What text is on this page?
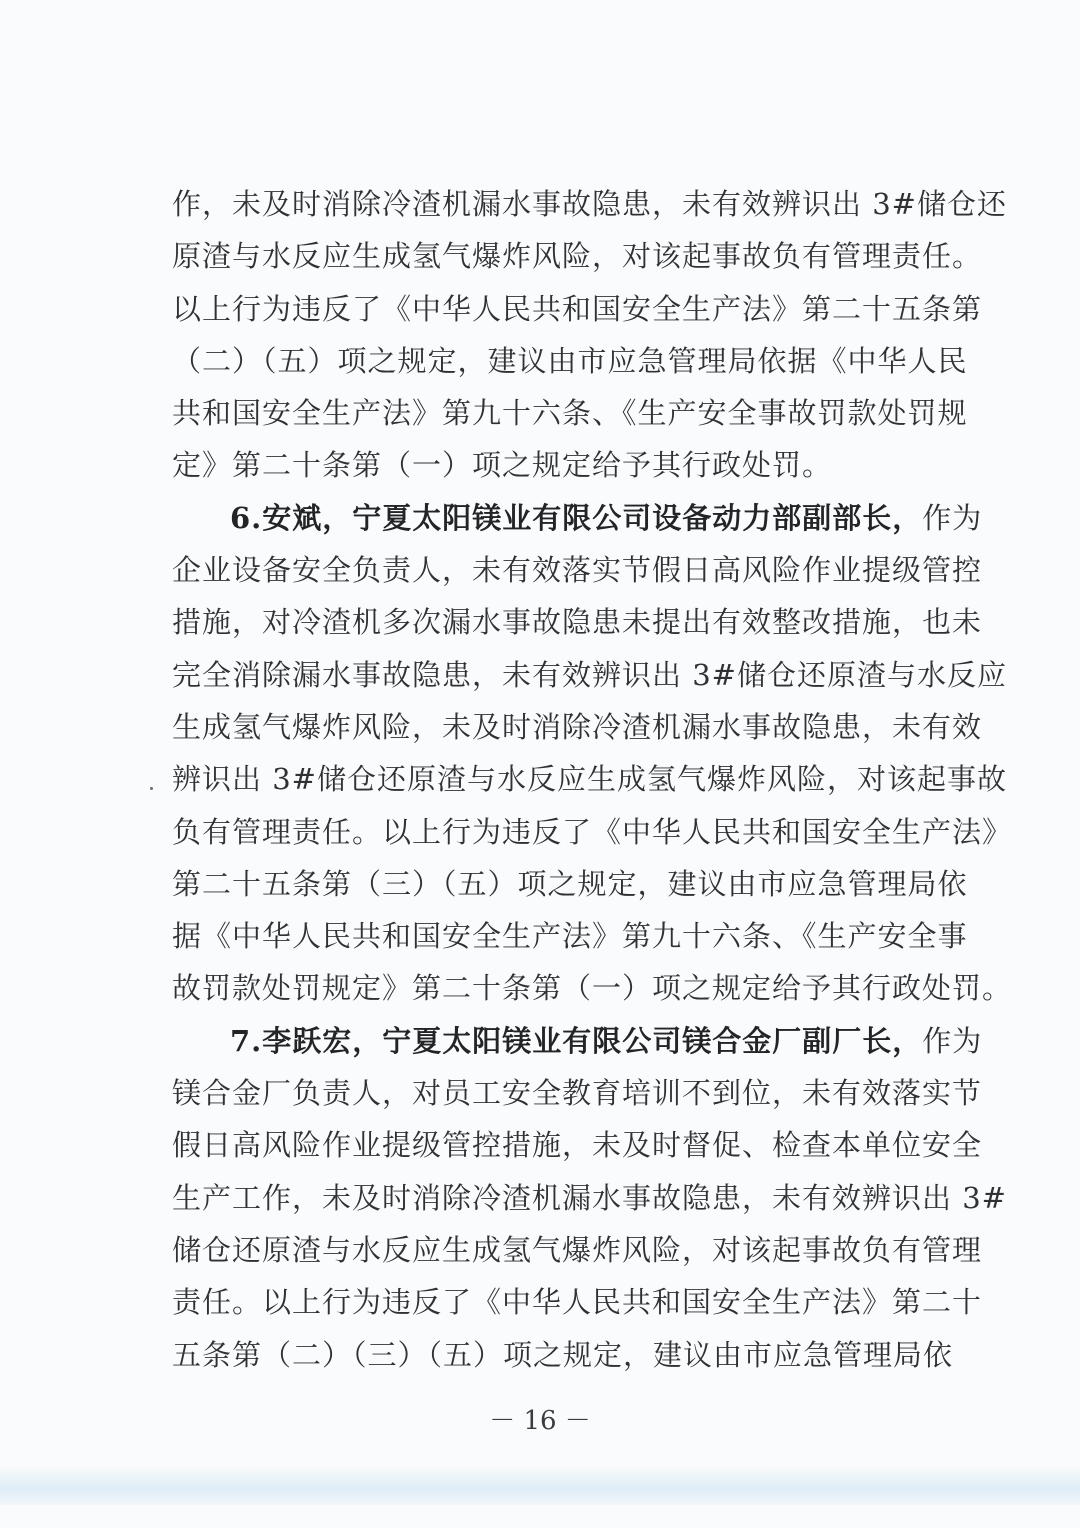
作，未及时消除冷渣机漏水事故隐患，未有效辨识出 3#储仓还
原渣与水反应生成氢气爆炸风险，对该起事故负有管理责任。
以上行为违反了《中华人民共和国安全生产法》第二十五条第
（二）（五）项之规定，建议由市应急管理局依据《中华人民
共和国安全生产法》第九十六条、《生产安全事故罚款处罚规
定》第二十条第（一）项之规定给予其行政处罚。
6.安斌，宁夏太阳镁业有限公司设备动力部副部长，作为
企业设备安全负责人，未有效落实节假日高风险作业提级管控
措施，对冷渣机多次漏水事故隐患未提出有效整改措施，也未
完全消除漏水事故隐患，未有效辨识出 3#储仓还原渣与水反应
生成氢气爆炸风险，未及时消除冷渣机漏水事故隐患，未有效
辨识出 3#储仓还原渣与水反应生成氢气爆炸风险，对该起事故
负有管理责任。以上行为违反了《中华人民共和国安全生产法》
第二十五条第（三）（五）项之规定，建议由市应急管理局依
据《中华人民共和国安全生产法》第九十六条、《生产安全事
故罚款处罚规定》第二十条第（一）项之规定给予其行政处罚。
7.李跃宏，宁夏太阳镁业有限公司镁合金厂副厂长，作为
镁合金厂负责人，对员工安全教育培训不到位，未有效落实节
假日高风险作业提级管控措施，未及时督促、检查本单位安全
生产工作，未及时消除冷渣机漏水事故隐患，未有效辨识出 3#
储仓还原渣与水反应生成氢气爆炸风险，对该起事故负有管理
责任。以上行为违反了《中华人民共和国安全生产法》第二十
五条第（二）（三）（五）项之规定，建议由市应急管理局依
－ 16 －
